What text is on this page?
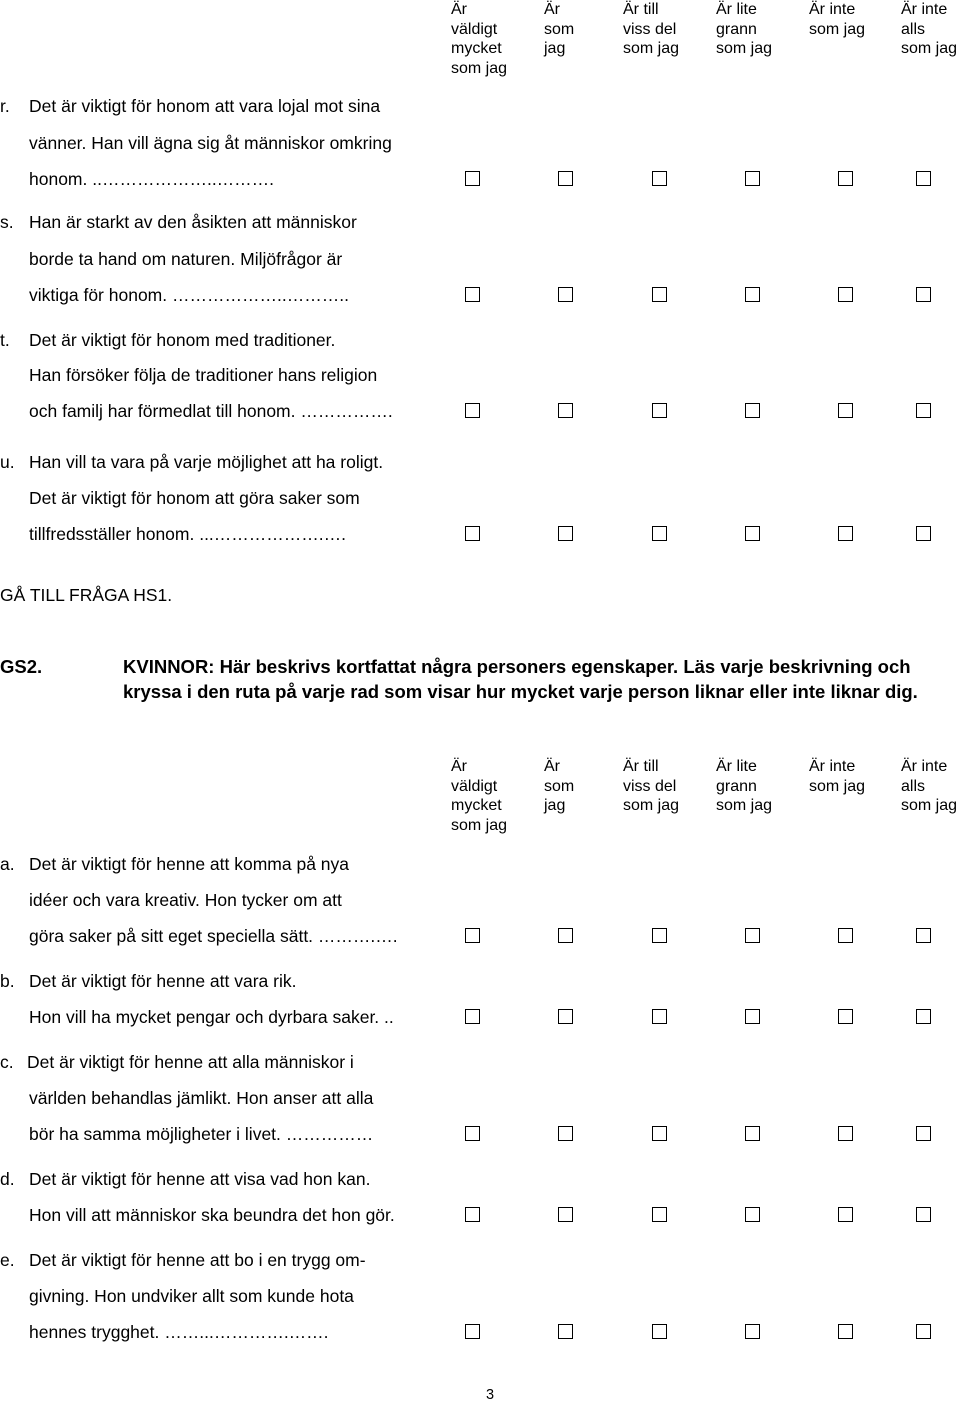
Är
väldigt
mycket
som jag
Är
som
jag
Är till
viss del
som jag
Är lite
grann
som jag
Är inte
som jag
Är inte
alls
som jag
r. Det är viktigt för honom att vara lojal mot sina
vänner. Han vill ägna sig åt människor omkring
honom. ..………………..……….
s. Han är starkt av den åsikten att människor
borde ta hand om naturen. Miljöfrågor är
viktiga för honom. ………………..………..
t. Det är viktigt för honom med traditioner.
Han försöker följa de traditioner hans religion
och familj har förmedlat till honom. …………….
u. Han vill ta vara på varje möjlighet att ha roligt.
Det är viktigt för honom att göra saker som
tillfredsställer honom. ...……………….….
GÅ TILL FRÅGA HS1.
GS2.	KVINNOR: Här beskrivs kortfattat några personers egenskaper. Läs varje beskrivning och kryssa i den ruta på varje rad som visar hur mycket varje person liknar eller inte liknar dig.
Är
väldigt
mycket
som jag
Är
som
jag
Är till
viss del
som jag
Är lite
grann
som jag
Är inte
som jag
Är inte
alls
som jag
a. Det är viktigt för henne att komma på nya
idéer och vara kreativ. Hon tycker om att
göra saker på sitt eget speciella sätt. ……….….
b. Det är viktigt för henne att vara rik.
Hon vill ha mycket pengar och dyrbara saker. ..
c. Det är viktigt för henne att alla människor i
världen behandlas jämlikt. Hon anser att alla
bör ha samma möjligheter i livet. ……………
d. Det är viktigt för henne att visa vad hon kan.
Hon vill att människor ska beundra det hon gör.
e. Det är viktigt för henne att bo i en trygg om-
givning. Hon undviker allt som kunde hota
hennes trygghet. ……...………….…….
3
